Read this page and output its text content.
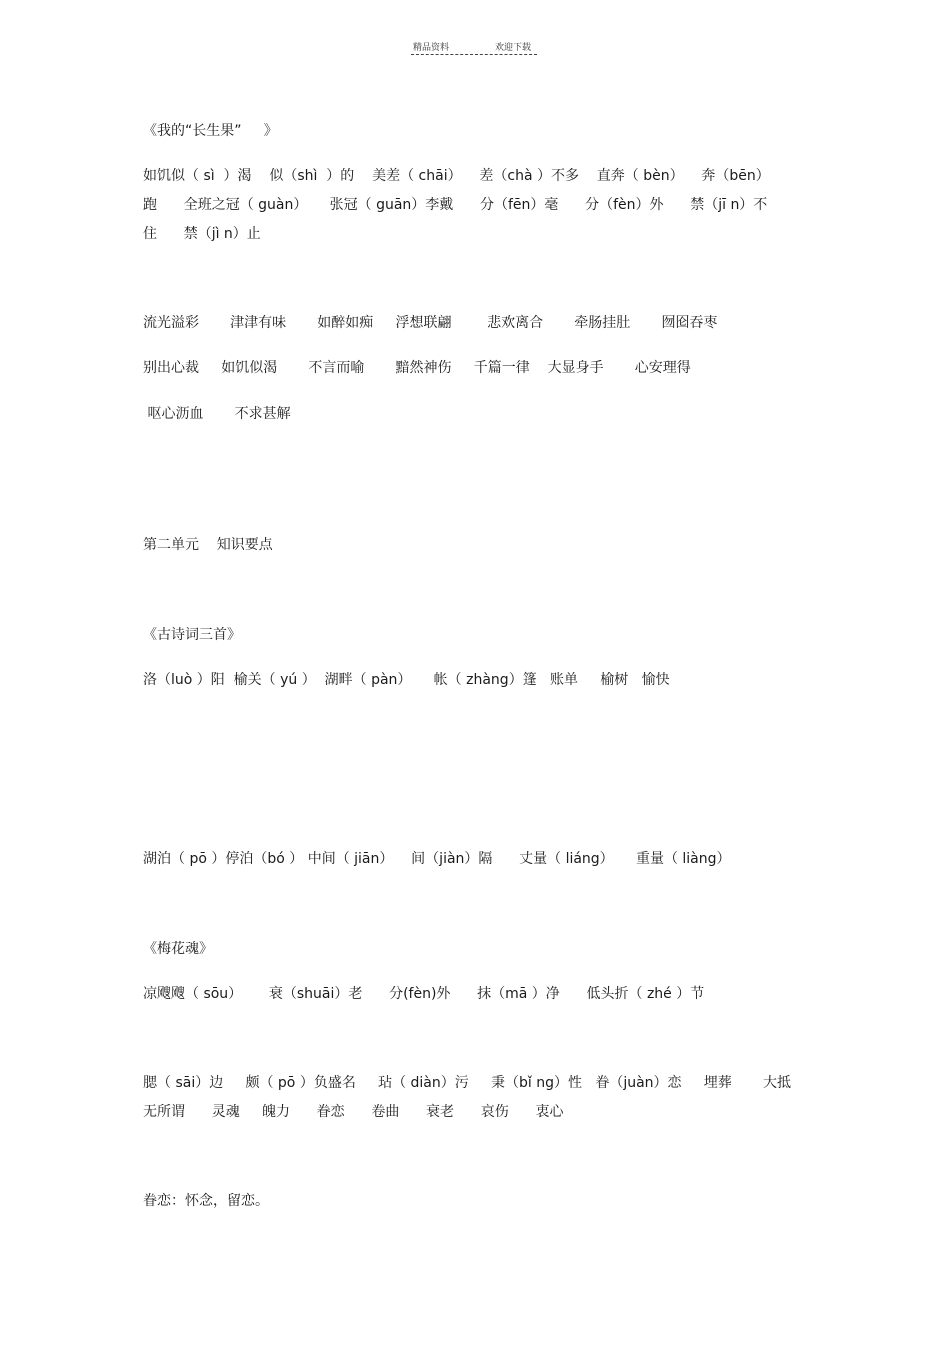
精品资料	欢迎下载
《我的“长生果”     》
如饥似（ sì  ）渴    似（shì  ）的    美差（ chāi）    差（chà ）不多    直奔（ bèn）    奔（bēn）
跑      全班之冠（ guàn）     张冠（ guān）李戴      分（fēn）毫      分（fèn）外      禁（jī n）不
住      禁（jì n）止
流光溢彩       津津有味       如醉如痴     浮想联翩        悲欢离合       牵肠挂肚       囫囵吞枣
别出心裁     如饥似渴       不言而喻       黯然神伤     千篇一律    大显身手       心安理得
呕心沥血       不求甚解
第二单元    知识要点
《古诗词三首》
洛（luò ）阳  榆关（ yú ）  湖畔（ pàn）     帐（ zhàng）篷   账单     榆树   愉快
湖泊（ pō ）停泊（bó ） 中间（ jiān）    间（jiàn）隔      丈量（ liáng）     重量（ liàng）
《梅花魂》
凉飕飕（ sōu）      衰（shuāi）老      分(fèn)外      抹（mā ）净      低头折（ zhé ）节
腮（ sāi）边     颇（ pō ）负盛名     玷（ diàn）污     秉（bǐ ng）性   眷（juàn）恋     埋葬       大抵
无所谓      灵魂     魄力      眷恋      卷曲      衰老      哀伤      衷心
眷恋：怀念，留恋。
